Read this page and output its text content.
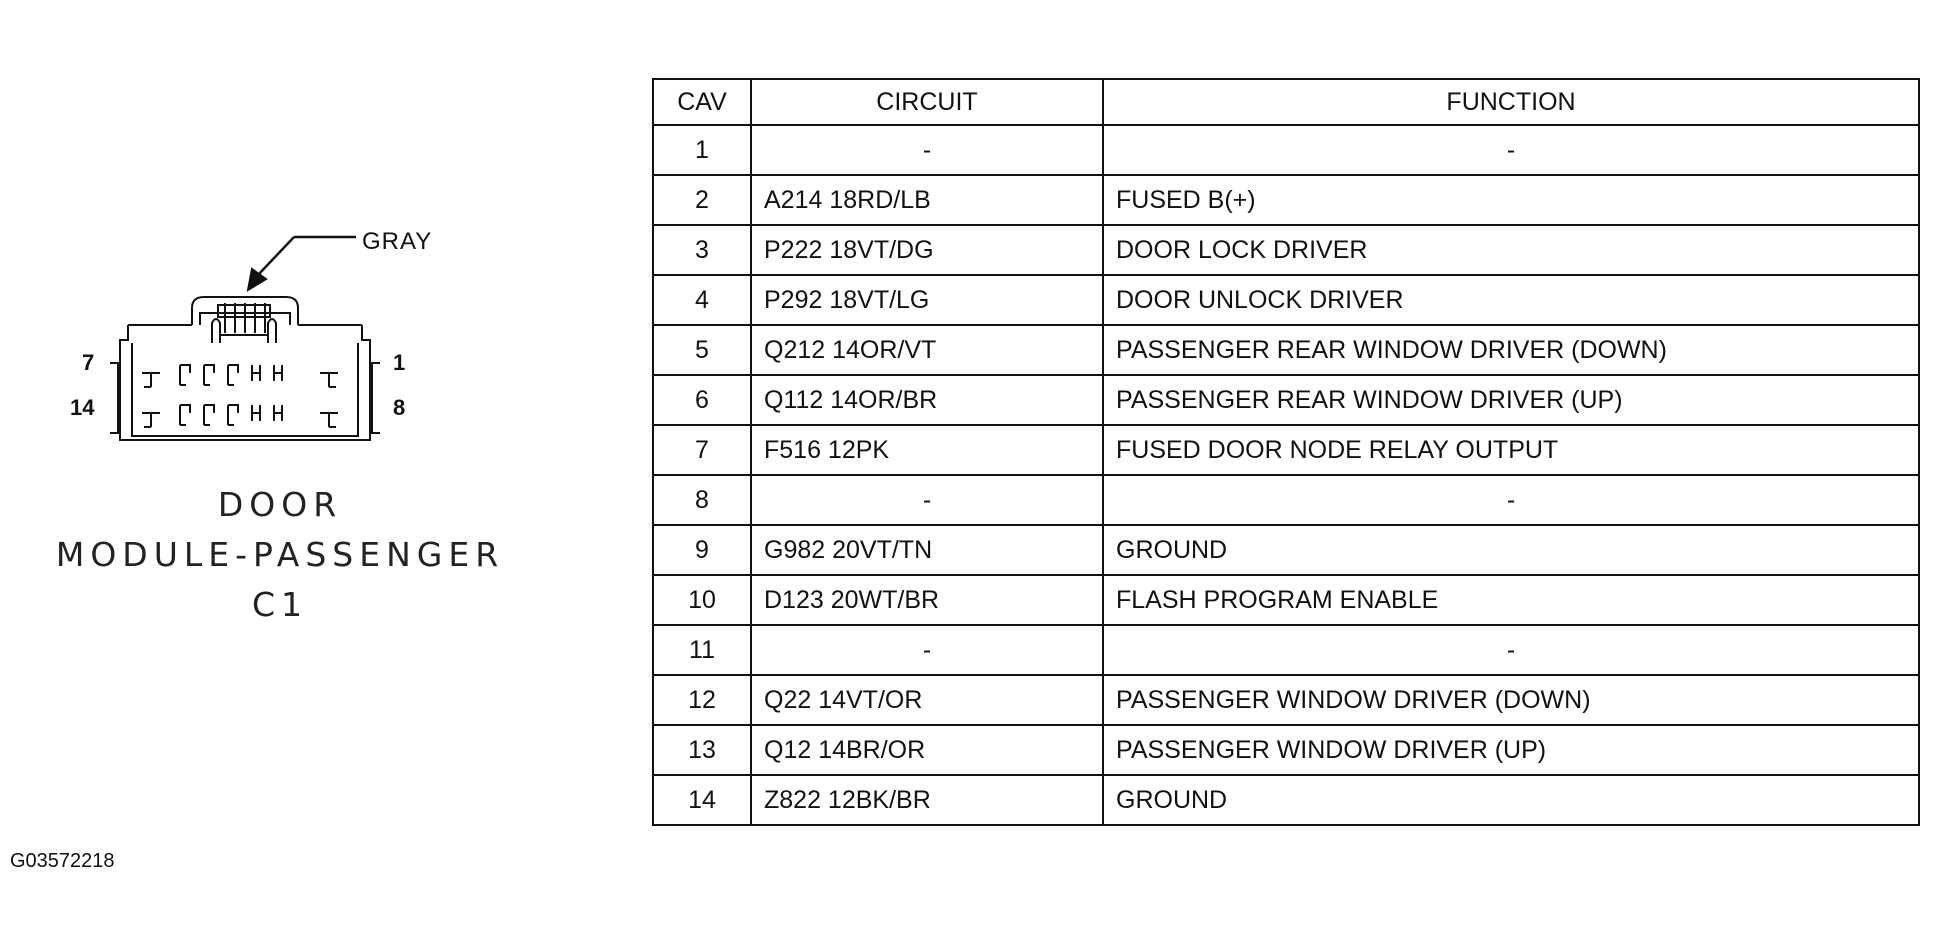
GRAY
7
14
1
8
DOOR
MODULE-PASSENGER
C1
G03572218
CAV	CIRCUIT	FUNCTION
1	-	-
2	A214 18RD/LB	FUSED B(+)
3	P222 18VT/DG	DOOR LOCK DRIVER
4	P292 18VT/LG	DOOR UNLOCK DRIVER
5	Q212 14OR/VT	PASSENGER REAR WINDOW DRIVER (DOWN)
6	Q112 14OR/BR	PASSENGER REAR WINDOW DRIVER (UP)
7	F516 12PK	FUSED DOOR NODE RELAY OUTPUT
8	-	-
9	G982 20VT/TN	GROUND
10	D123 20WT/BR	FLASH PROGRAM ENABLE
11	-	-
12	Q22 14VT/OR	PASSENGER WINDOW DRIVER (DOWN)
13	Q12 14BR/OR	PASSENGER WINDOW DRIVER (UP)
14	Z822 12BK/BR	GROUND
